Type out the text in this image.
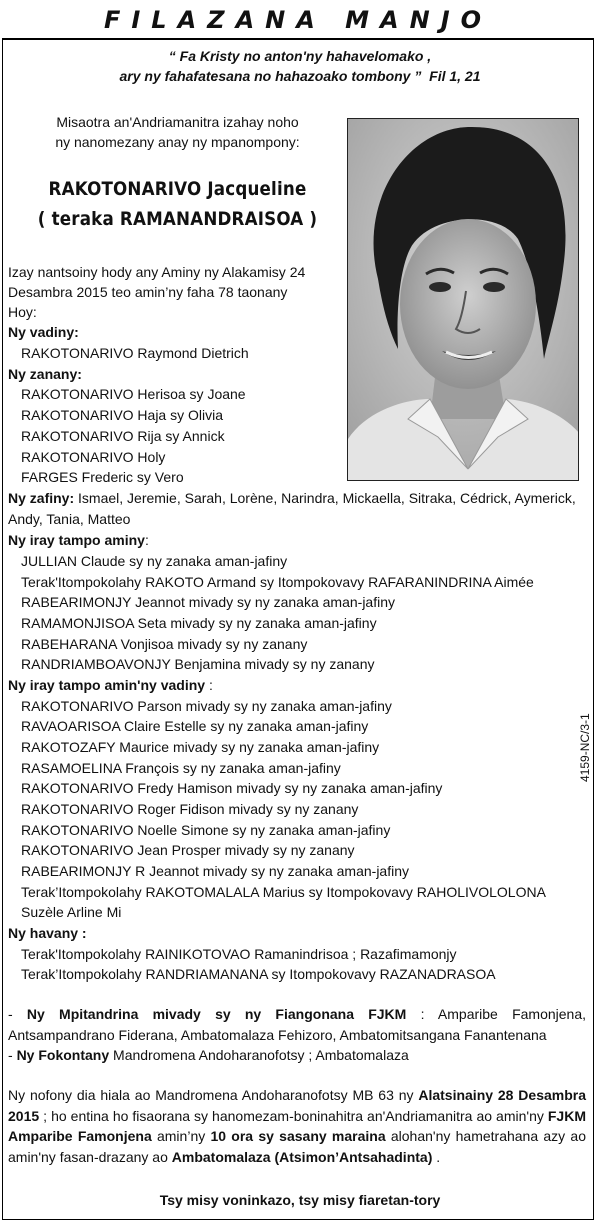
FILAZANA MANJO
“ Fa Kristy no anton'ny hahavelomako ,
ary ny fahafatesana no hahazoako tombony ” Fil 1, 21
Misaotra an'Andriamanitra izahay noho
ny nanomezany anay ny mpanompony:
RAKOTONARIVO Jacqueline
( teraka RAMANANDRAISOA )
Izay nantsoiny hody any Aminy ny Alakamisy 24
Desambra 2015 teo amin’ny faha 78 taonany
Hoy:
Ny vadiny:
RAKOTONARIVO Raymond Dietrich
Ny zanany:
RAKOTONARIVO Herisoa sy Joane
RAKOTONARIVO Haja sy Olivia
RAKOTONARIVO Rija sy Annick
RAKOTONARIVO Holy
FARGES Frederic sy Vero
Ny zafiny: Ismael, Jeremie, Sarah, Lorène, Narindra, Mickaella, Sitraka, Cédrick, Aymerick,
Andy, Tania, Matteo
Ny iray tampo aminy:
JULLIAN Claude sy ny zanaka aman-jafiny
Terak'Itompokolahy RAKOTO Armand sy Itompokovavy RAFARANINDRINA Aimée
RABEARIMONJY Jeannot mivady sy ny zanaka aman-jafiny
RAMAMONJISOA Seta mivady sy ny zanaka aman-jafiny
RABEHARANA Vonjisoa mivady sy ny zanany
RANDRIAMBOAVONJY Benjamina mivady sy ny zanany
Ny iray tampo amin'ny vadiny :
RAKOTONARIVO Parson mivady sy ny zanaka aman-jafiny
RAVAOARISOA Claire Estelle sy ny zanaka aman-jafiny
RAKOTOZAFY Maurice mivady sy ny zanaka aman-jafiny
RASAMOELINA François sy ny zanaka aman-jafiny
RAKOTONARIVO Fredy Hamison mivady sy ny zanaka aman-jafiny
RAKOTONARIVO Roger Fidison mivady sy ny zanany
RAKOTONARIVO Noelle Simone sy ny zanaka aman-jafiny
RAKOTONARIVO Jean Prosper mivady sy ny zanany
RABEARIMONJY R Jeannot mivady sy ny zanaka aman-jafiny
Terak’Itompokolahy RAKOTOMALALA Marius sy Itompokovavy RAHOLIVOLOLONA
Suzèle Arline Mi
Ny havany :
Terak'Itompokolahy RAINIKOTOVAO Ramanindrisoa ; Razafimamonjy
Terak’Itompokolahy RANDRIAMANANA sy Itompokovavy RAZANADRASOA
4159-NC/3-1
- Ny Mpitandrina mivady sy ny Fiangonana FJKM : Amparibe Famonjena, Antsampandrano Fiderana, Ambatomalaza Fehizoro, Ambatomitsangana Fanantenana
- Ny Fokontany Mandromena Andoharanofotsy ; Ambatomalaza
Ny nofony dia hiala ao Mandromena Andoharanofotsy MB 63 ny Alatsinainy 28 Desambra 2015 ; ho entina ho fisaorana sy hanomezam-boninahitra an'Andriamanitra ao amin'ny FJKM Amparibe Famonjena amin’ny 10 ora sy sasany maraina alohan'ny hametrahana azy ao amin'ny fasan-drazany ao Ambatomalaza (Atsimon’Antsahadinta) .
Tsy misy voninkazo, tsy misy fiaretan-tory
